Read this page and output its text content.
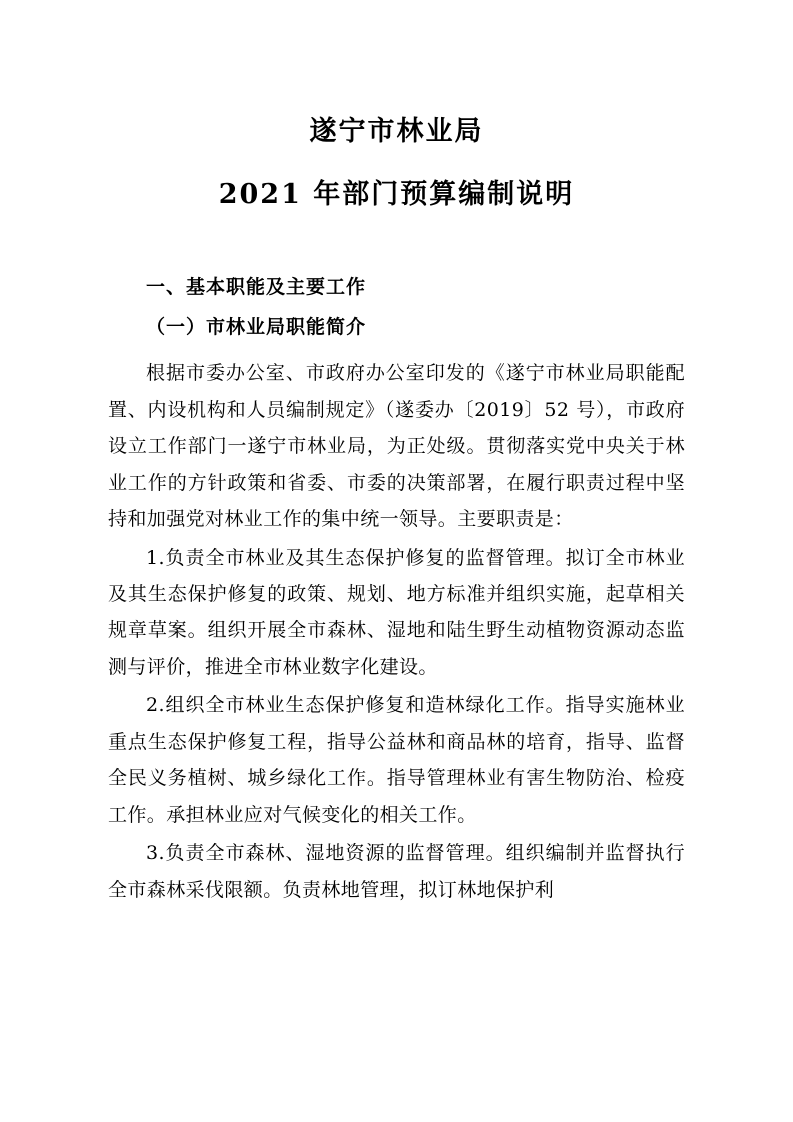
遂宁市林业局
2021 年部门预算编制说明
一、基本职能及主要工作
（一）市林业局职能简介

根据市委办公室、市政府办公室印发的《遂宁市林业局职能配置、内设机构和人员编制规定》（遂委办〔2019〕52 号），市政府设立工作部门一遂宁市林业局，为正处级。贯彻落实党中央关于林业工作的方针政策和省委、市委的决策部署，在履行职责过程中坚持和加强党对林业工作的集中统一领导。主要职责是：

1.负责全市林业及其生态保护修复的监督管理。拟订全市林业及其生态保护修复的政策、规划、地方标准并组织实施，起草相关规章草案。组织开展全市森林、湿地和陆生野生动植物资源动态监测与评价，推进全市林业数字化建设。

2.组织全市林业生态保护修复和造林绿化工作。指导实施林业重点生态保护修复工程，指导公益林和商品林的培育，指导、监督全民义务植树、城乡绿化工作。指导管理林业有害生物防治、检疫工作。承担林业应对气候变化的相关工作。

3.负责全市森林、湿地资源的监督管理。组织编制并监督执行全市森林采伐限额。负责林地管理，拟订林地保护利
